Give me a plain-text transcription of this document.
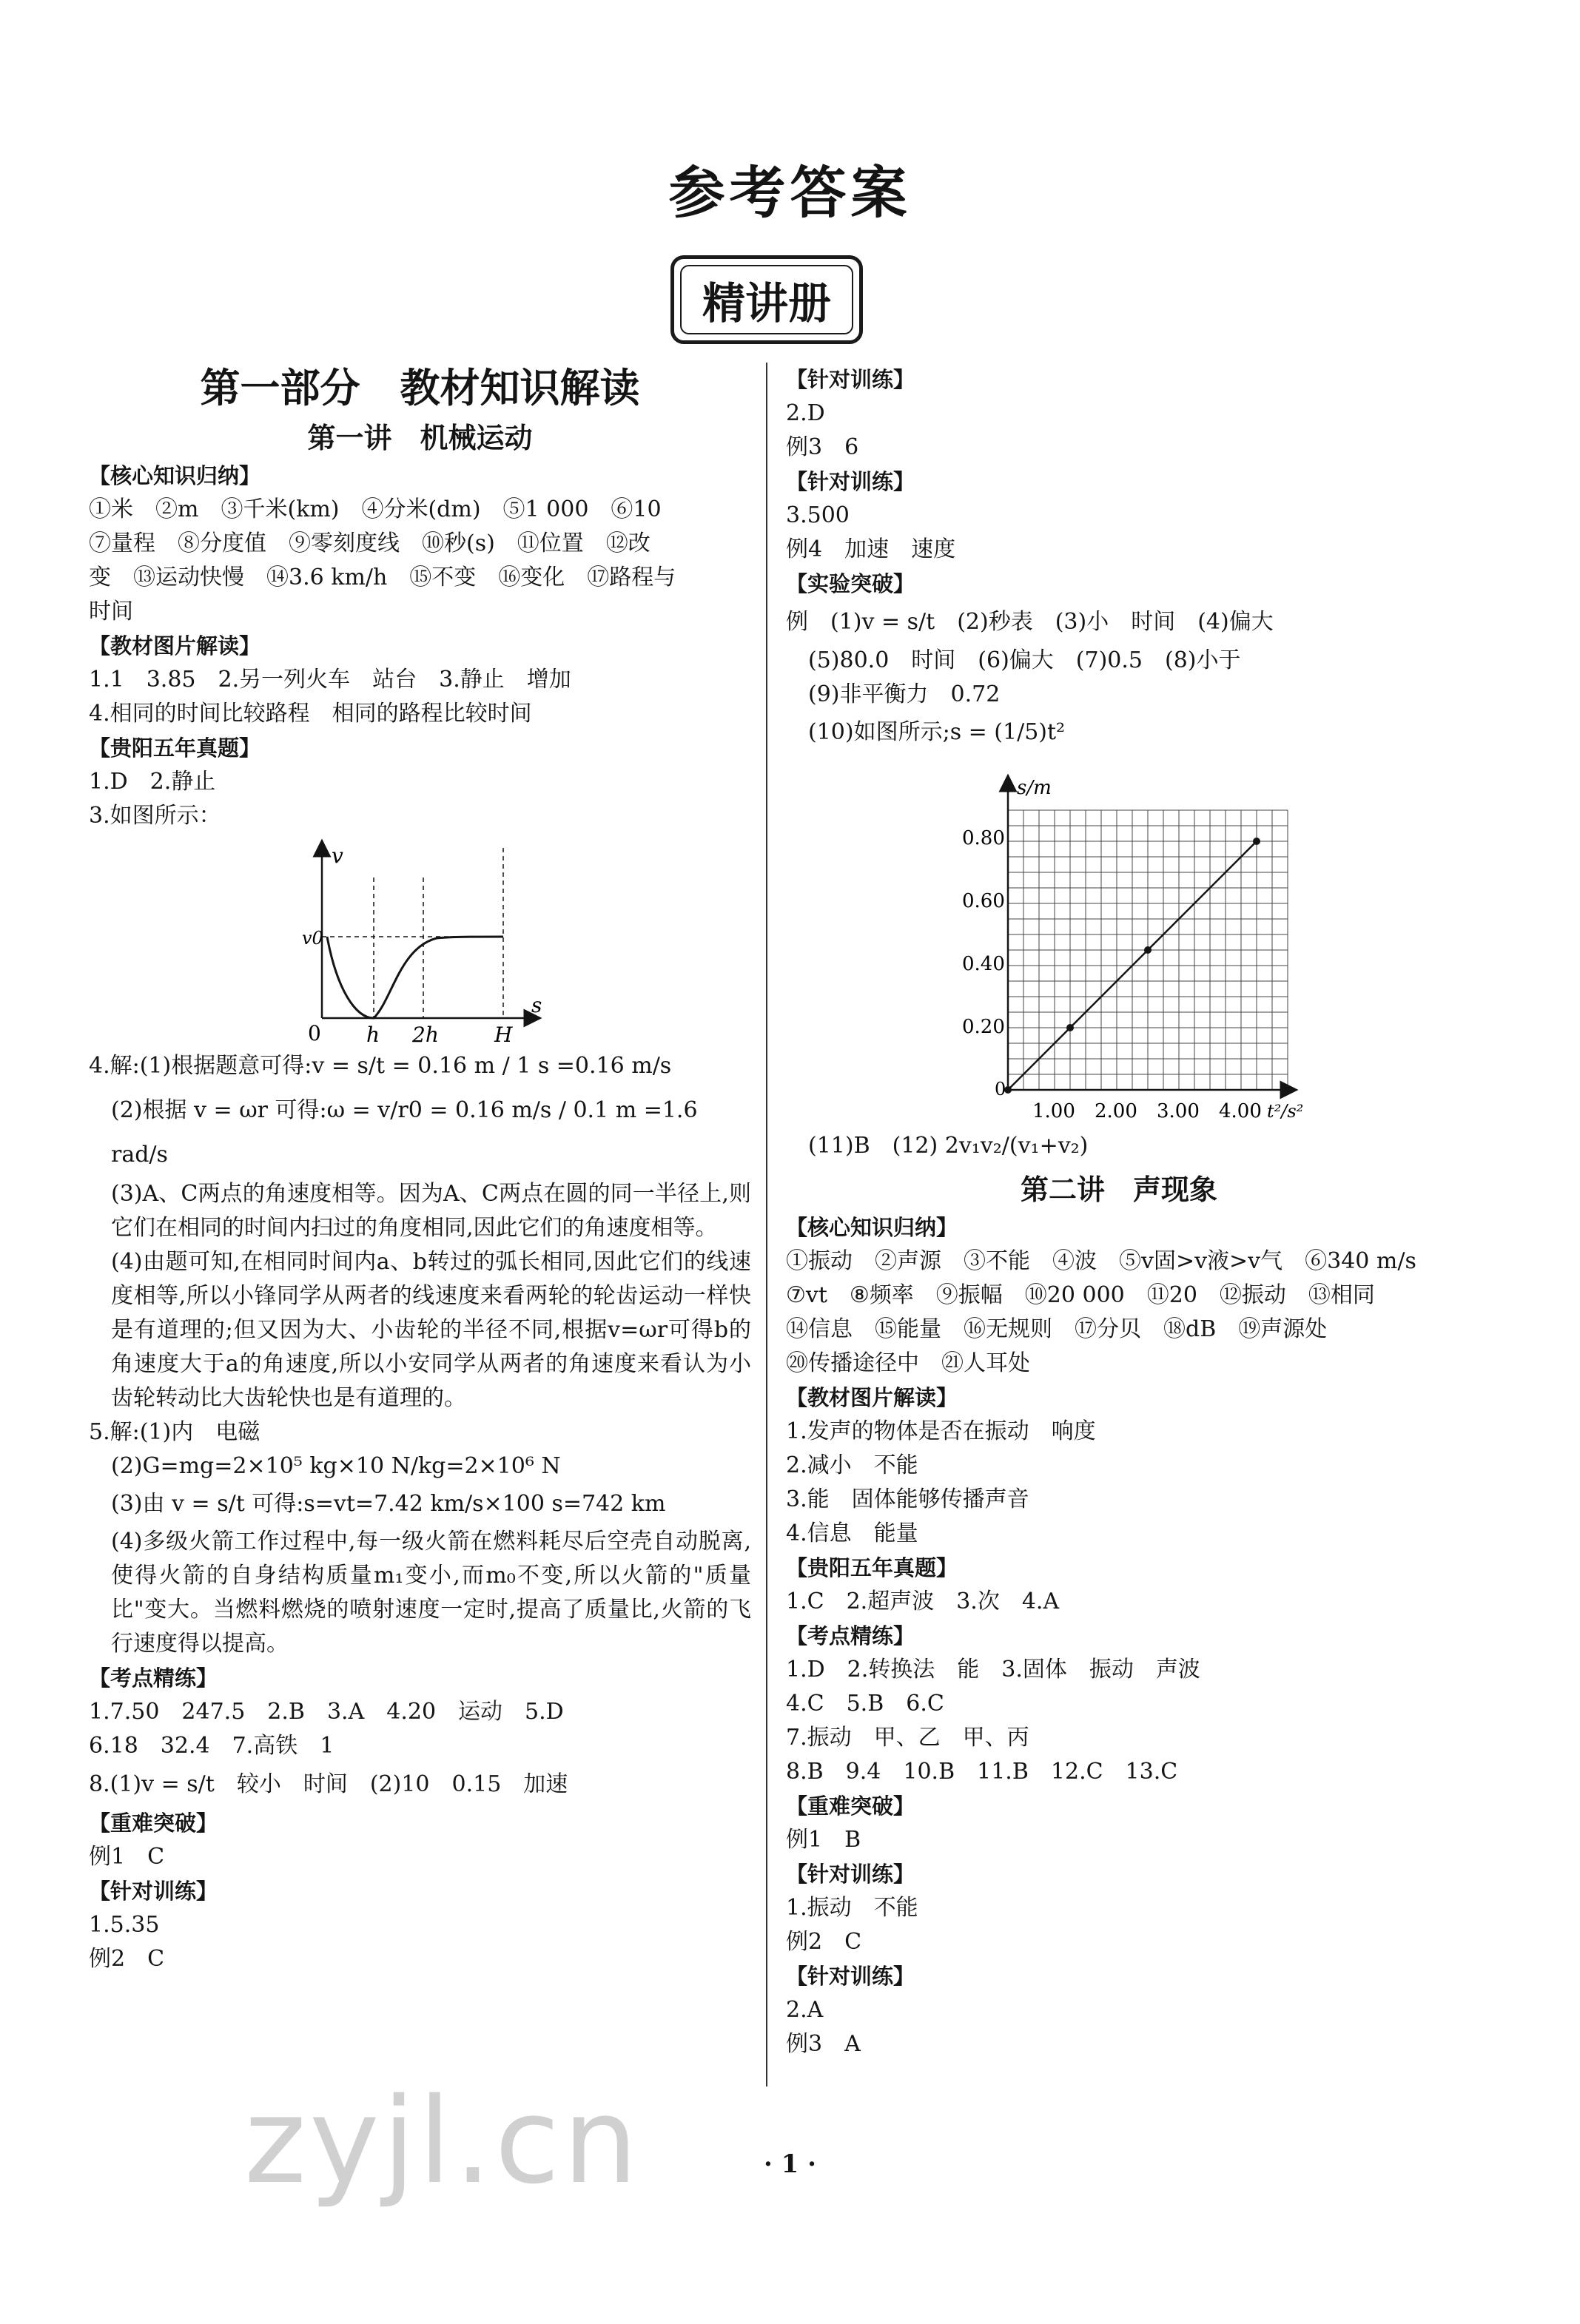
参考答案
精讲册
第一部分　教材知识解读
第一讲　机械运动
【核心知识归纳】
①米　②m　③千米(km)　④分米(dm)　⑤1 000　⑥10
⑦量程　⑧分度值　⑨零刻度线　⑩秒(s)　⑪位置　⑫改
变　⑬运动快慢　⑭3.6 km/h　⑮不变　⑯变化　⑰路程与
时间
【教材图片解读】
1.1　3.85　2.另一列火车　站台　3.静止　增加
4.相同的时间比较路程　相同的路程比较时间
【贵阳五年真题】
1.D　2.静止
3.如图所示：
v
v0
0 h 2h	H
s
4.解:(1)根据题意可得:v = s/t = 0.16 m / 1 s =0.16 m/s
(2)根据 v = ωr 可得:ω = v/r0 = 0.16 m/s / 0.1 m =1.6 rad/s
(3)A、C两点的角速度相等。因为A、C两点在圆的同一半径上,则它们在相同的时间内扫过的角度相同,因此它们的角速度相等。
(4)由题可知,在相同时间内a、b转过的弧长相同,因此它们的线速度相等,所以小锋同学从两者的线速度来看两轮的轮齿运动一样快是有道理的;但又因为大、小齿轮的半径不同,根据v=ωr可得b的角速度大于a的角速度,所以小安同学从两者的角速度来看认为小齿轮转动比大齿轮快也是有道理的。
5.解:(1)内　电磁
(2)G=mg=2×10⁵ kg×10 N/kg=2×10⁶ N
(3)由 v = s/t 可得:s=vt=7.42 km/s×100 s=742 km
(4)多级火箭工作过程中,每一级火箭在燃料耗尽后空壳自动脱离,使得火箭的自身结构质量m₁变小,而m₀不变,所以火箭的"质量比"变大。当燃料燃烧的喷射速度一定时,提高了质量比,火箭的飞行速度得以提高。
【考点精练】
1.7.50　247.5　2.B　3.A　4.20　运动　5.D
6.18　32.4　7.高铁　1
8.(1)v = s/t　较小　时间　(2)10　0.15　加速
【重难突破】
例1　C
【针对训练】
1.5.35
例2　C
【针对训练】
2.D
例3　6
【针对训练】
3.500
例4　加速　速度
【实验突破】
例　(1)v = s/t　(2)秒表　(3)小　时间　(4)偏大
(5)80.0　时间　(6)偏大　(7)0.5　(8)小于
(9)非平衡力　0.72
(10)如图所示;s = (1/5)t²
s/m
0
0.20
0.40
0.60
0.80
1.00 2.00 3.00 4.00 t²/s²
(11)B　(12) 2v₁v₂/(v₁+v₂)
第二讲　声现象
【核心知识归纳】
①振动　②声源　③不能　④波　⑤v固>v液>v气　⑥340 m/s
⑦vt　⑧频率　⑨振幅　⑩20 000　⑪20　⑫振动　⑬相同
⑭信息　⑮能量　⑯无规则　⑰分贝　⑱dB　⑲声源处
⑳传播途径中　㉑人耳处
【教材图片解读】
1.发声的物体是否在振动　响度
2.减小　不能
3.能　固体能够传播声音
4.信息　能量
【贵阳五年真题】
1.C　2.超声波　3.次　4.A
【考点精练】
1.D　2.转换法　能　3.固体　振动　声波
4.C　5.B　6.C
7.振动　甲、乙　甲、丙
8.B　9.4　10.B　11.B　12.C　13.C
【重难突破】
例1　B
【针对训练】
1.振动　不能
例2　C
【针对训练】
2.A
例3　A
zyjl.cn	· 1 ·
